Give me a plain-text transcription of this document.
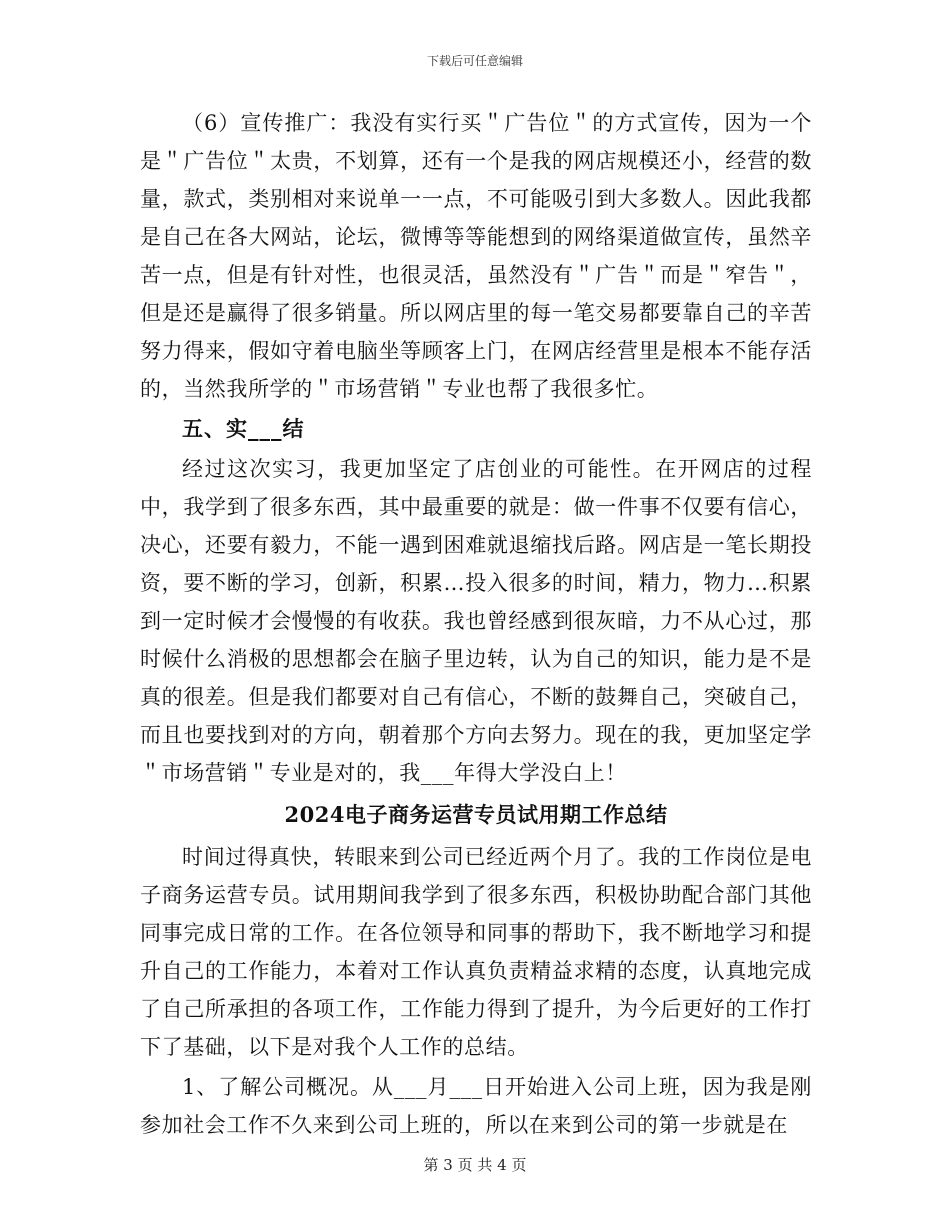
下载后可任意编辑

（6）宣传推广：我没有实行买＂广告位＂的方式宣传，因为一个是＂广告位＂太贵，不划算，还有一个是我的网店规模还小，经营的数量，款式，类别相对来说单一一点，不可能吸引到大多数人。因此我都是自己在各大网站，论坛，微博等等能想到的网络渠道做宣传，虽然辛苦一点，但是有针对性，也很灵活，虽然没有＂广告＂而是＂窄告＂，但是还是赢得了很多销量。所以网店里的每一笔交易都要靠自己的辛苦努力得来，假如守着电脑坐等顾客上门，在网店经营里是根本不能存活的，当然我所学的＂市场营销＂专业也帮了我很多忙。

五、实___结

经过这次实习，我更加坚定了店创业的可能性。在开网店的过程中，我学到了很多东西，其中最重要的就是：做一件事不仅要有信心，决心，还要有毅力，不能一遇到困难就退缩找后路。网店是一笔长期投资，要不断的学习，创新，积累…投入很多的时间，精力，物力…积累到一定时候才会慢慢的有收获。我也曾经感到很灰暗，力不从心过，那时候什么消极的思想都会在脑子里边转，认为自己的知识，能力是不是真的很差。但是我们都要对自己有信心，不断的鼓舞自己，突破自己，而且也要找到对的方向，朝着那个方向去努力。现在的我，更加坚定学＂市场营销＂专业是对的，我___年得大学没白上！

2024电子商务运营专员试用期工作总结

时间过得真快，转眼来到公司已经近两个月了。我的工作岗位是电子商务运营专员。试用期间我学到了很多东西，积极协助配合部门其他同事完成日常的工作。在各位领导和同事的帮助下，我不断地学习和提升自己的工作能力，本着对工作认真负责精益求精的态度，认真地完成了自己所承担的各项工作，工作能力得到了提升，为今后更好的工作打下了基础，以下是对我个人工作的总结。

1、了解公司概况。从___月___日开始进入公司上班，因为我是刚参加社会工作不久来到公司上班的，所以在来到公司的第一步就是在

第 3 页 共 4 页
